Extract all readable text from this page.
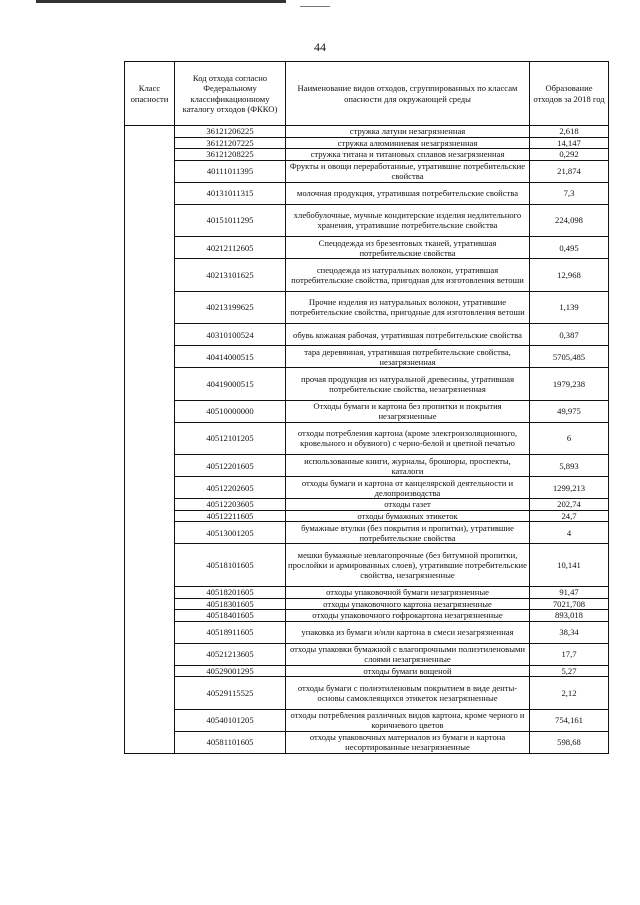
44
Класс опасности	Код отхода согласно Федеральному классификационному каталогу отходов (ФККО)	Наименование видов отходов, сгруппированных по классам опасности для окружающей среды	Образование отходов за 2018 год
	36121206225	стружка латуни незагрязненная	2,618
	36121207225	стружка алюминиевая незагрязненная	14,147
	36121208225	стружка титана и титановых сплавов незагрязненная	0,292
	40111011395	Фрукты и овощи переработанные, утратившие потребительские свойства	21,874
	40131011315	молочная продукция, утратившая потребительские свойства	7,3
	40151011295	хлебобулочные, мучные кондитерские изделия недлительного хранения, утратившие потребительские свойства	224,098
	40212112605	Спецодежда из брезентовых тканей, утратившая потребительские свойства	0,495
	40213101625	спецодежда из натуральных волокон, утратившая потребительские свойства, пригодная для изготовления ветоши	12,968
	40213199625	Прочие изделия из натуральных волокон, утратившие потребительские свойства, пригодные для изготовления ветоши	1,139
	40310100524	обувь кожаная рабочая, утратившая потребительские свойства	0,387
	40414000515	тара деревянная, утратившая потребительские свойства, незагрязненная	5705,485
	40419000515	прочая продукция из натуральной древесины, утратившая потребительские свойства, незагрязненная	1979,238
	40510000000	Отходы бумаги и картона без пропитки и покрытия незагрязненные	49,975
	40512101205	отходы потребления картона (кроме электроизоляционного, кровельного и обувного) с черно-белой и цветной печатью	6
	40512201605	использованные книги, журналы, брошюры, проспекты, каталоги	5,893
	40512202605	отходы бумаги и картона от канцелярской деятельности и делопроизводства	1299,213
	40512203605	отходы газет	202,74
	40512211605	отходы бумажных этикеток	24,7
	40513001205	бумажные втулки (без покрытия и пропитки), утратившие потребительские свойства	4
	40518101605	мешки бумажные невлагопрочные (без битумной пропитки, прослойки и армированных слоев), утратившие потребительские свойства, незагрязненные	10,141
	40518201605	отходы упаковочной бумаги незагрязненные	91,47
	40518301605	отходы упаковочного картона незагрязненные	7021,708
	40518401605	отходы упаковочного гофрокартона незагрязненные	893,018
	40518911605	упаковка из бумаги и/или картона в смеси незагрязненная	38,34
	40521213605	отходы упаковки бумажной с влагопрочными полиэтиленовыми слоями незагрязненные	17,7
	40529001295	отходы бумаги вощеной	5,27
	40529115525	отходы бумаги с полиэтиленовым покрытием в виде денты-основы самоклеящихся этикеток незагрязненные	2,12
	40540101205	отходы потребления различных видов картона, кроме черного и коричневого цветов	754,161
	40581101605	отходы упаковочных материалов из бумаги и картона несортированные незагрязненные	598,68
